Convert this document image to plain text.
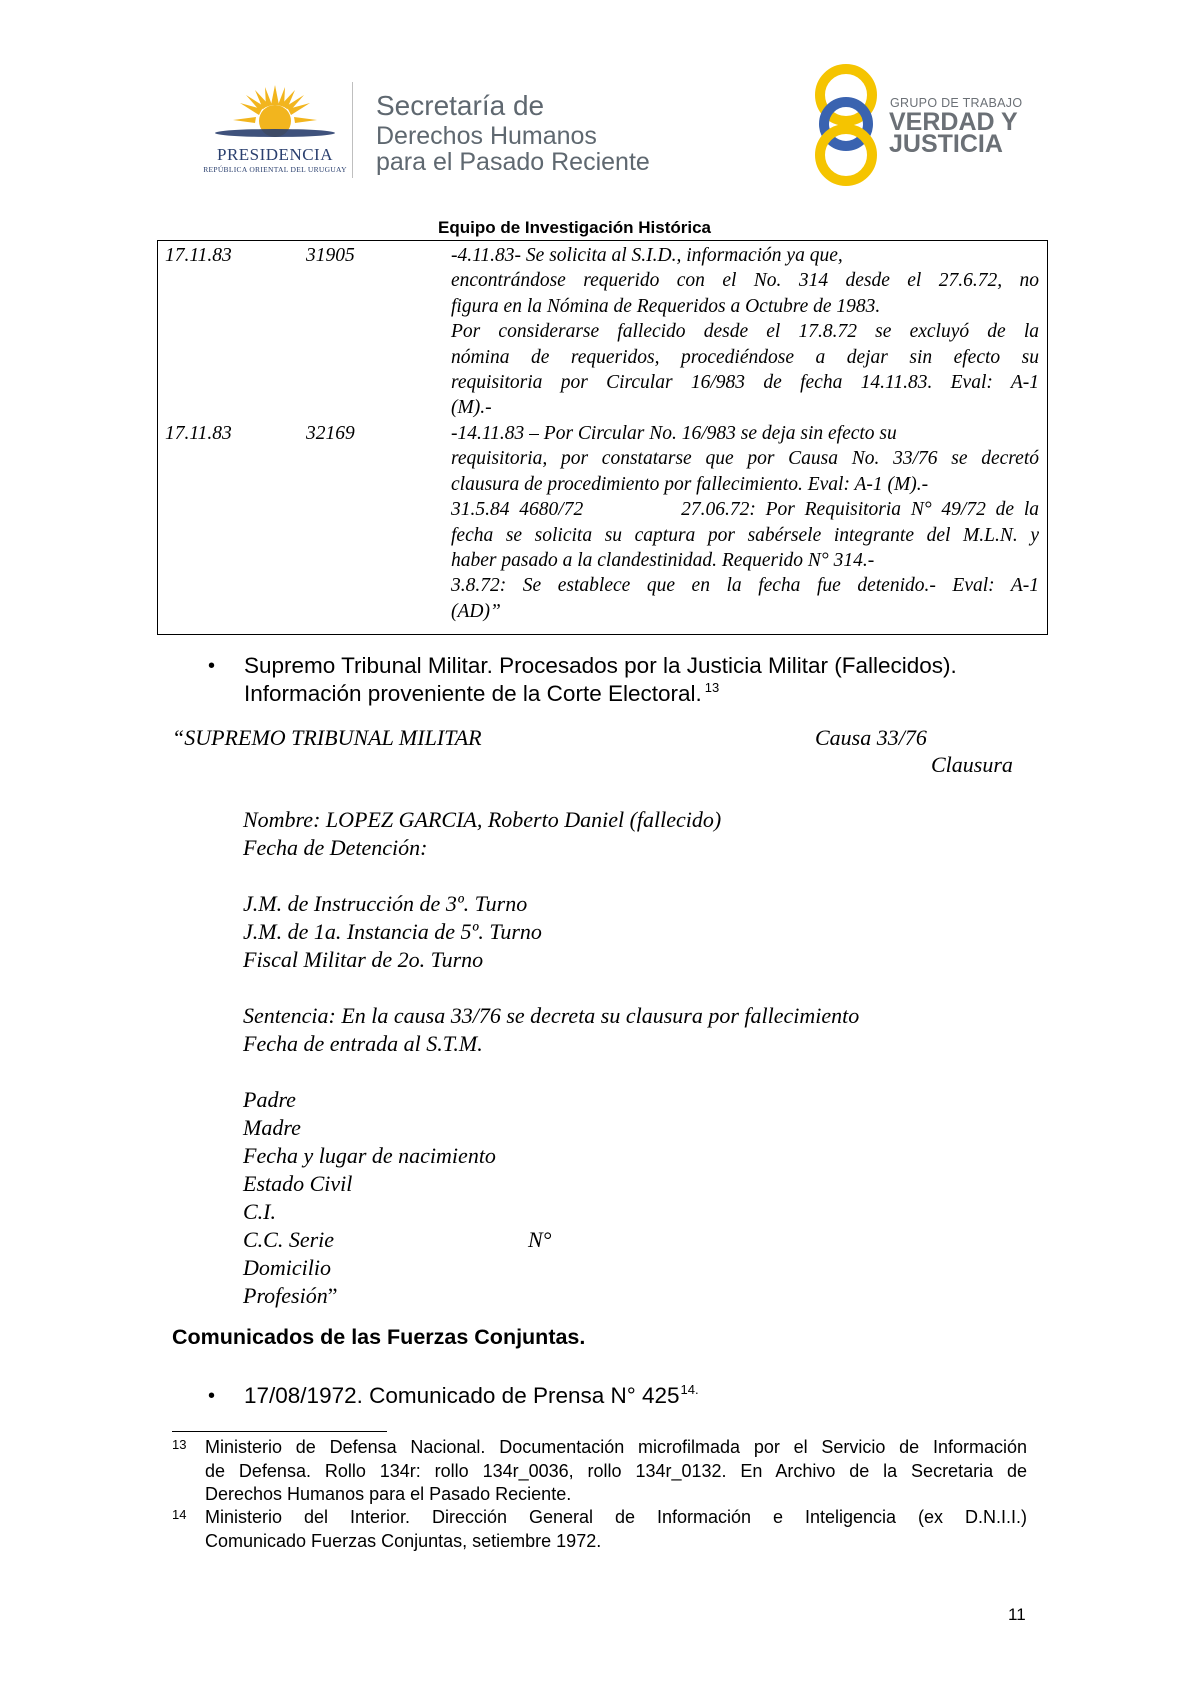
PRESIDENCIA
REPÚBLICA ORIENTAL DEL URUGUAY
Secretaría de
Derechos Humanos
para el Pasado Reciente
GRUPO DE TRABAJO
VERDAD Y
JUSTICIA
Equipo de Investigación Histórica
17.11.83	31905	-4.11.83- Se solicita al S.I.D., información ya que,
encontrándose requerido con el No. 314 desde el 27.6.72, no
figura en la Nómina de Requeridos a Octubre de 1983.
Por considerarse fallecido desde el 17.8.72 se excluyó de la
nómina de requeridos, procediéndose a dejar sin efecto su
requisitoria por Circular 16/983 de fecha 14.11.83. Eval: A-1
(M).-
17.11.83	32169	-14.11.83 – Por Circular No. 16/983 se deja sin efecto su
requisitoria, por constatarse que por Causa No. 33/76 se decretó
clausura de procedimiento por fallecimiento. Eval: A-1 (M).-
31.5.84 4680/72          27.06.72: Por Requisitoria N° 49/72 de la
fecha se solicita su captura por sabérsele integrante del M.L.N. y
haber pasado a la clandestinidad. Requerido N° 314.-
3.8.72: Se establece que en la fecha fue detenido.- Eval: A-1
(AD)”
• Supremo Tribunal Militar. Procesados por la Justicia Militar (Fallecidos).
Información proveniente de la Corte Electoral. $^{13}$
“SUPREMO TRIBUNAL MILITAR	Causa 33/76
Clausura
Nombre: LOPEZ GARCIA, Roberto Daniel (fallecido)
Fecha de Detención:
J.M. de Instrucción de 3º. Turno
J.M. de 1a. Instancia de 5º. Turno
Fiscal Militar de 2o. Turno
Sentencia: En la causa 33/76 se decreta su clausura por fallecimiento
Fecha de entrada al S.T.M.
Padre
Madre
Fecha y lugar de nacimiento
Estado Civil
C.I.
C.C. Serie	N°
Domicilio
Profesión”
Comunicados de las Fuerzas Conjuntas.
• 17/08/1972. Comunicado de Prensa N° 425$^{14.}$
13 Ministerio de Defensa Nacional. Documentación microfilmada por el Servicio de Información
de Defensa. Rollo 134r: rollo 134r_0036, rollo 134r_0132. En Archivo de la Secretaria de
Derechos Humanos para el Pasado Reciente.
14 Ministerio del Interior. Dirección General de Información e Inteligencia (ex D.N.I.I.)
Comunicado Fuerzas Conjuntas, setiembre 1972.
11
